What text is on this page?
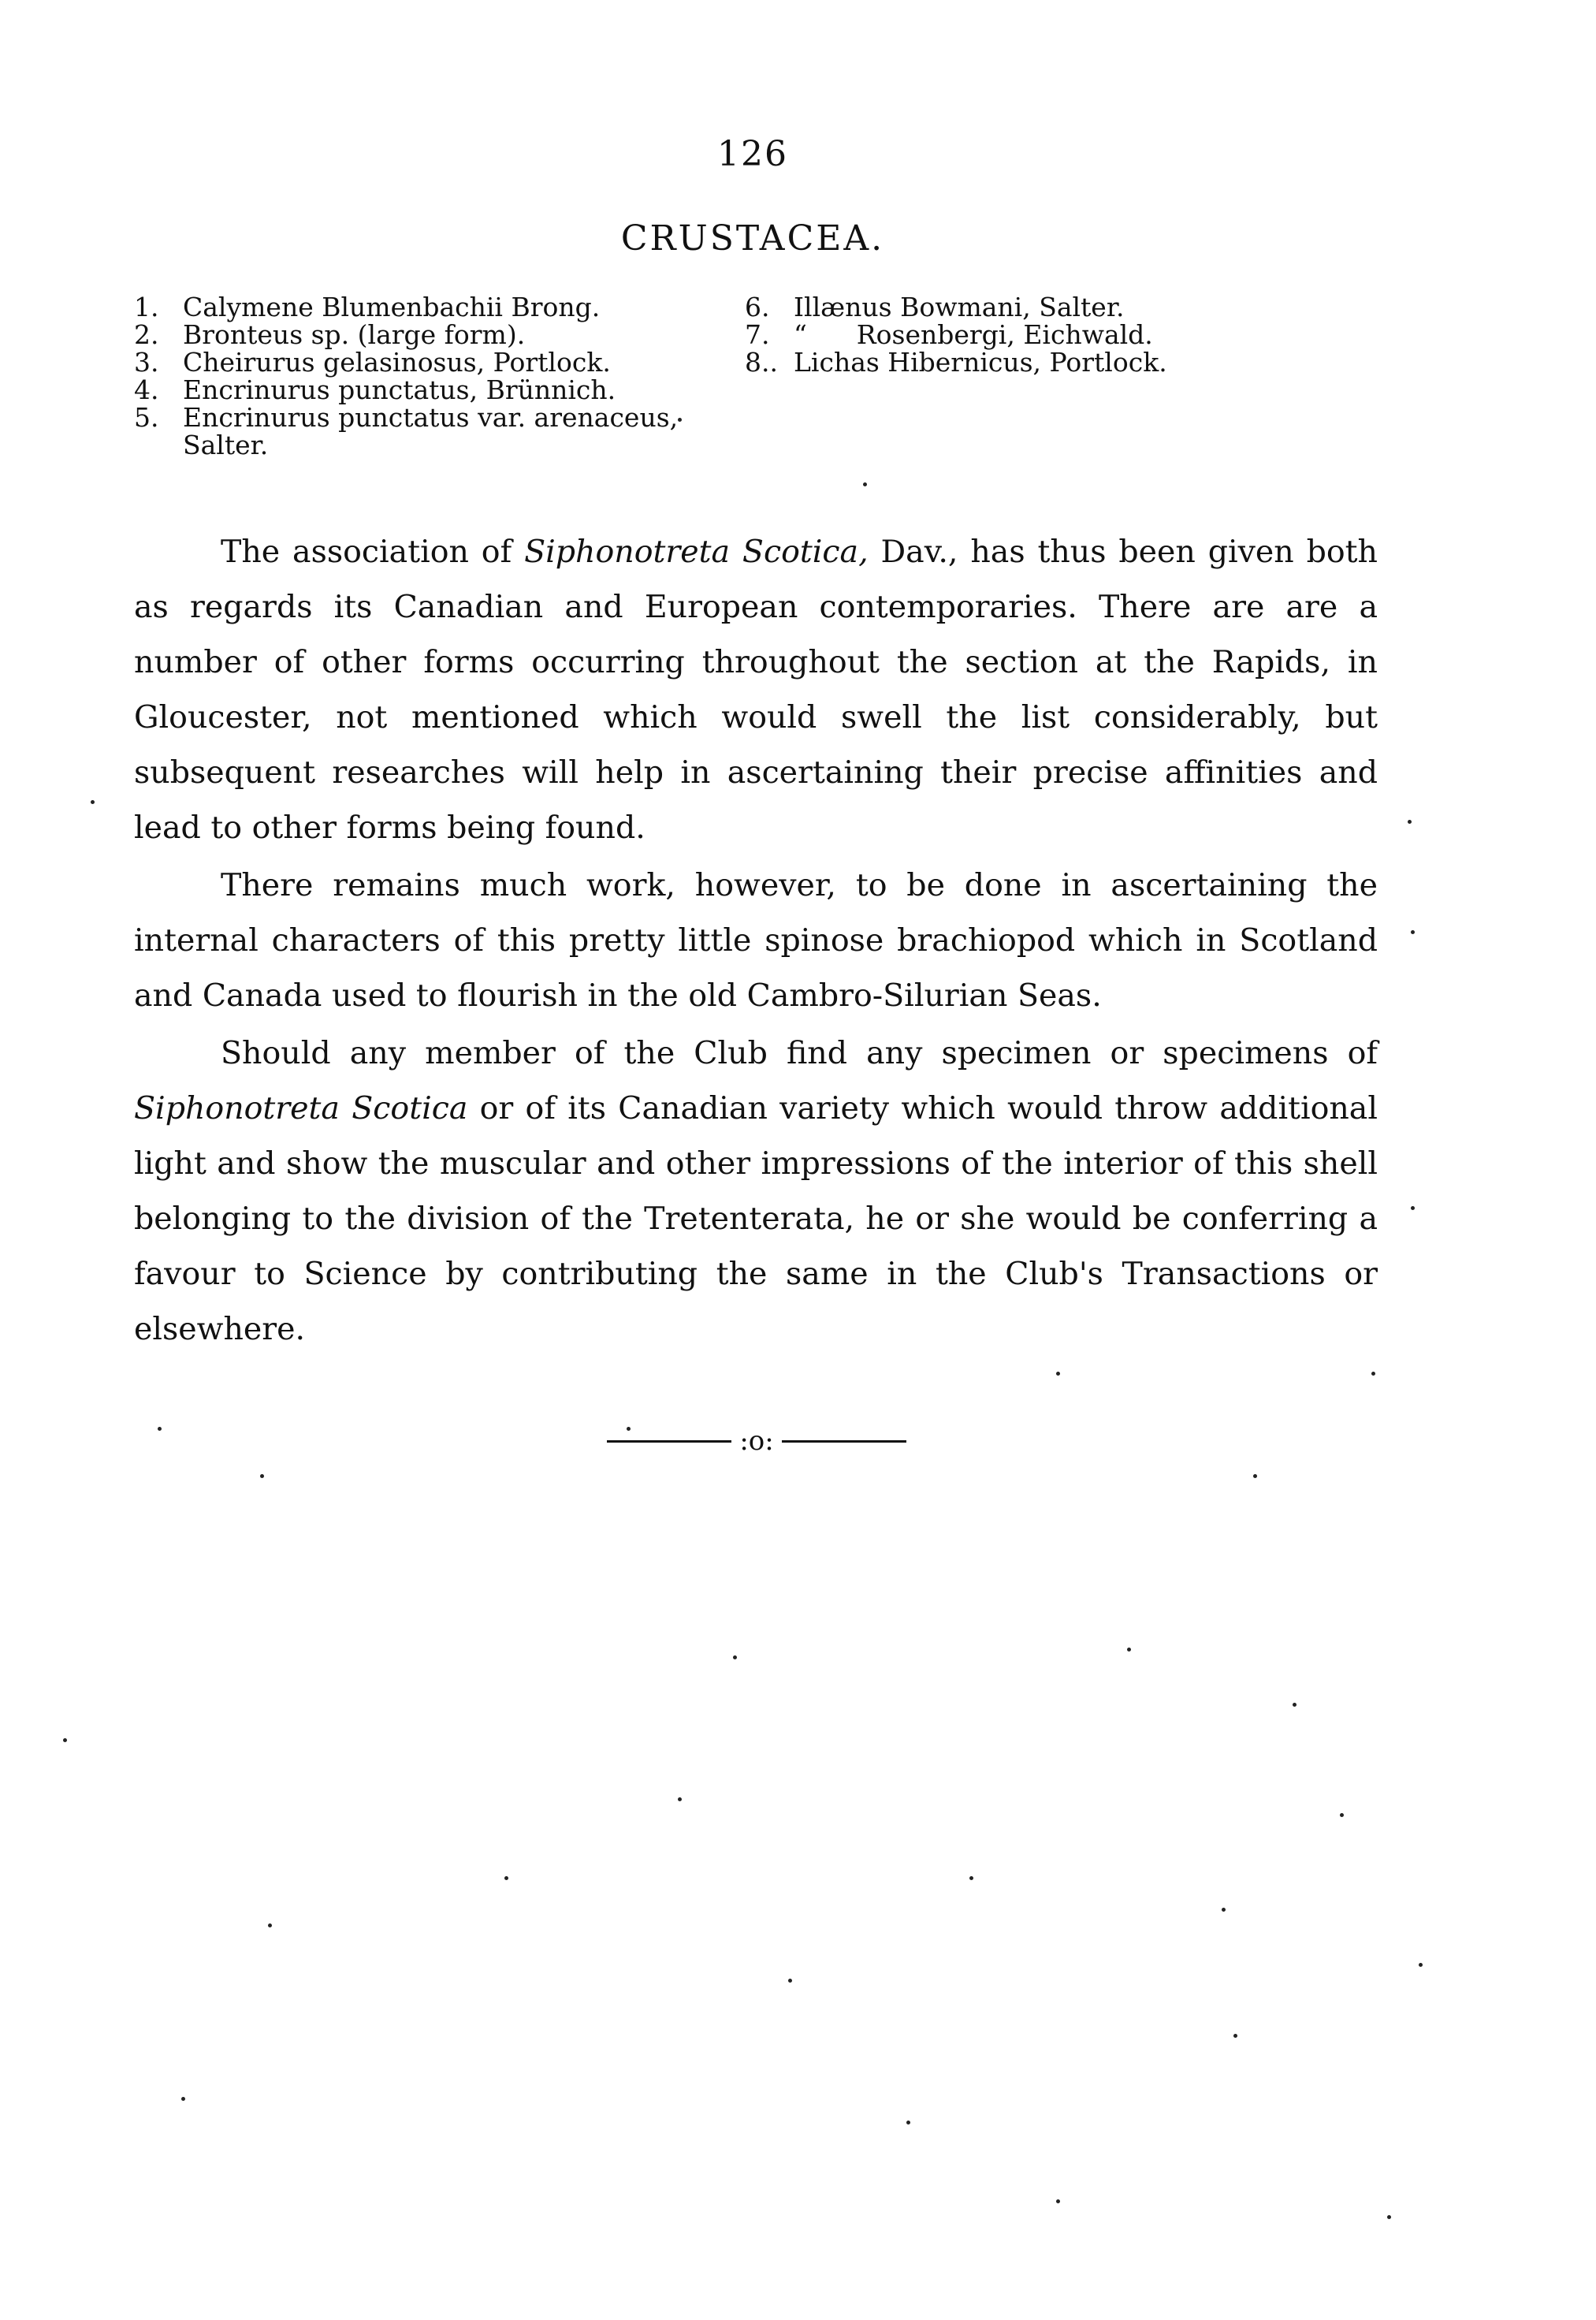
126
CRUSTACEA.
1. Calymene Blumenbachii Brong.
2. Bronteus sp. (large form).
3. Cheirurus gelasinosus, Portlock.
4. Encrinurus punctatus, Brünnich.
5. Encrinurus punctatus var. arenaceus, Salter.
6. Illænus Bowmani, Salter.
7. “      Rosenbergi, Eichwald.
8.. Lichas Hibernicus, Portlock.

The association of Siphonotreta Scotica, Dav., has thus been given both as regards its Canadian and European contemporaries. There are are a number of other forms occurring throughout the section at the Rapids, in Gloucester, not mentioned which would swell the list considerably, but subsequent researches will help in ascertaining their precise affinities and lead to other forms being found.

There remains much work, however, to be done in ascertaining the internal characters of this pretty little spinose brachiopod which in Scotland and Canada used to flourish in the old Cambro-Silurian Seas.

Should any member of the Club find any specimen or specimens of Siphonotreta Scotica or of its Canadian variety which would throw additional light and show the muscular and other impressions of the interior of this shell belonging to the division of the Tretenterata, he or she would be conferring a favour to Science by contributing the same in the Club's Transactions or elsewhere.

:o:
